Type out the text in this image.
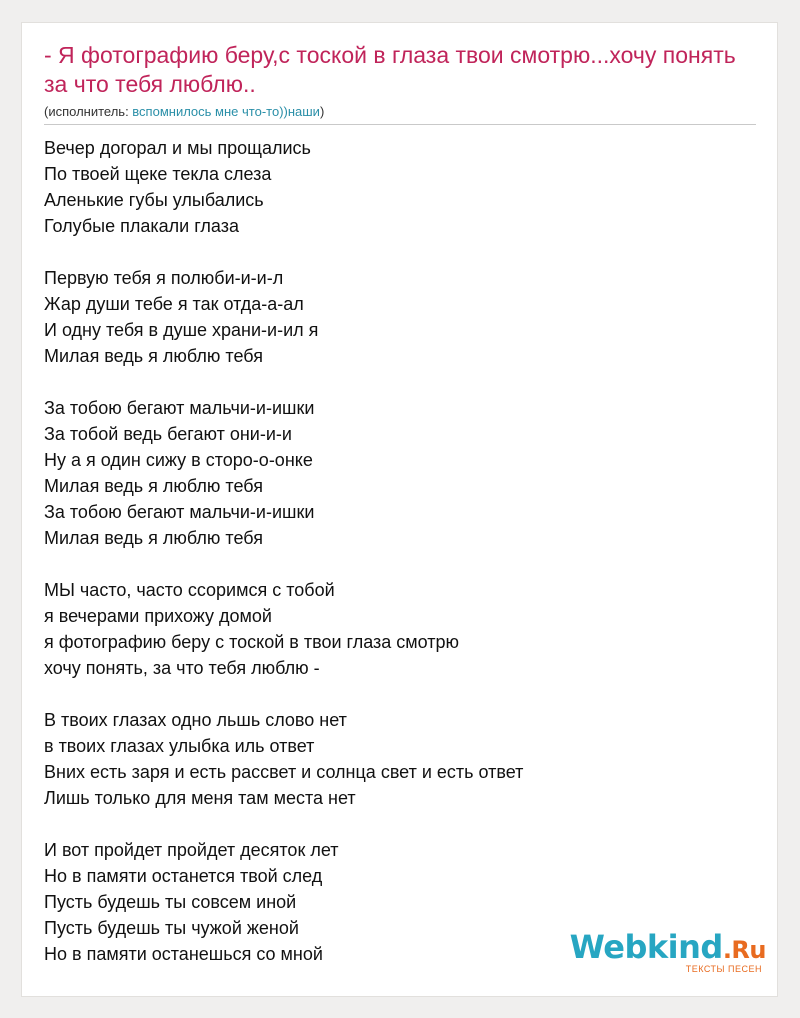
- Я фотографию беру,с тоской в глаза твои смотрю...хочу понять за что тебя люблю..
(исполнитель: вспомнилось мне что-то))наши)
Вечер догорал и мы прощались
По твоей щеке текла слеза
Аленькие губы улыбались
Голубые плакали глаза
Первую тебя я полюби-и-и-л
Жар души тебе я так отда-а-ал
И одну тебя в душе храни-и-ил я
Милая ведь я люблю тебя
За тобою бегают мальчи-и-ишки
За тобой ведь бегают они-и-и
Ну а я один сижу в сторо-о-онке
Милая ведь я люблю тебя
За тобою бегают мальчи-и-ишки
Милая ведь я люблю тебя
МЫ часто, часто ссоримся с тобой
я вечерами прихожу домой
я фотографию беру с тоской в твои глаза смотрю
хочу понять, за что тебя люблю -
В твоих глазах одно льшь слово нет
в твоих глазах улыбка иль ответ
Вних есть заря и есть рассвет и солнца свет и есть ответ
Лишь только для меня там места нет
И вот пройдет пройдет десяток лет
Но в памяти останется твой след
Пусть будешь ты совсем иной
Пусть будешь ты чужой женой
Но в памяти останешься со мной	Webkind.Ru
ТЕКСТЫ ПЕСЕН
